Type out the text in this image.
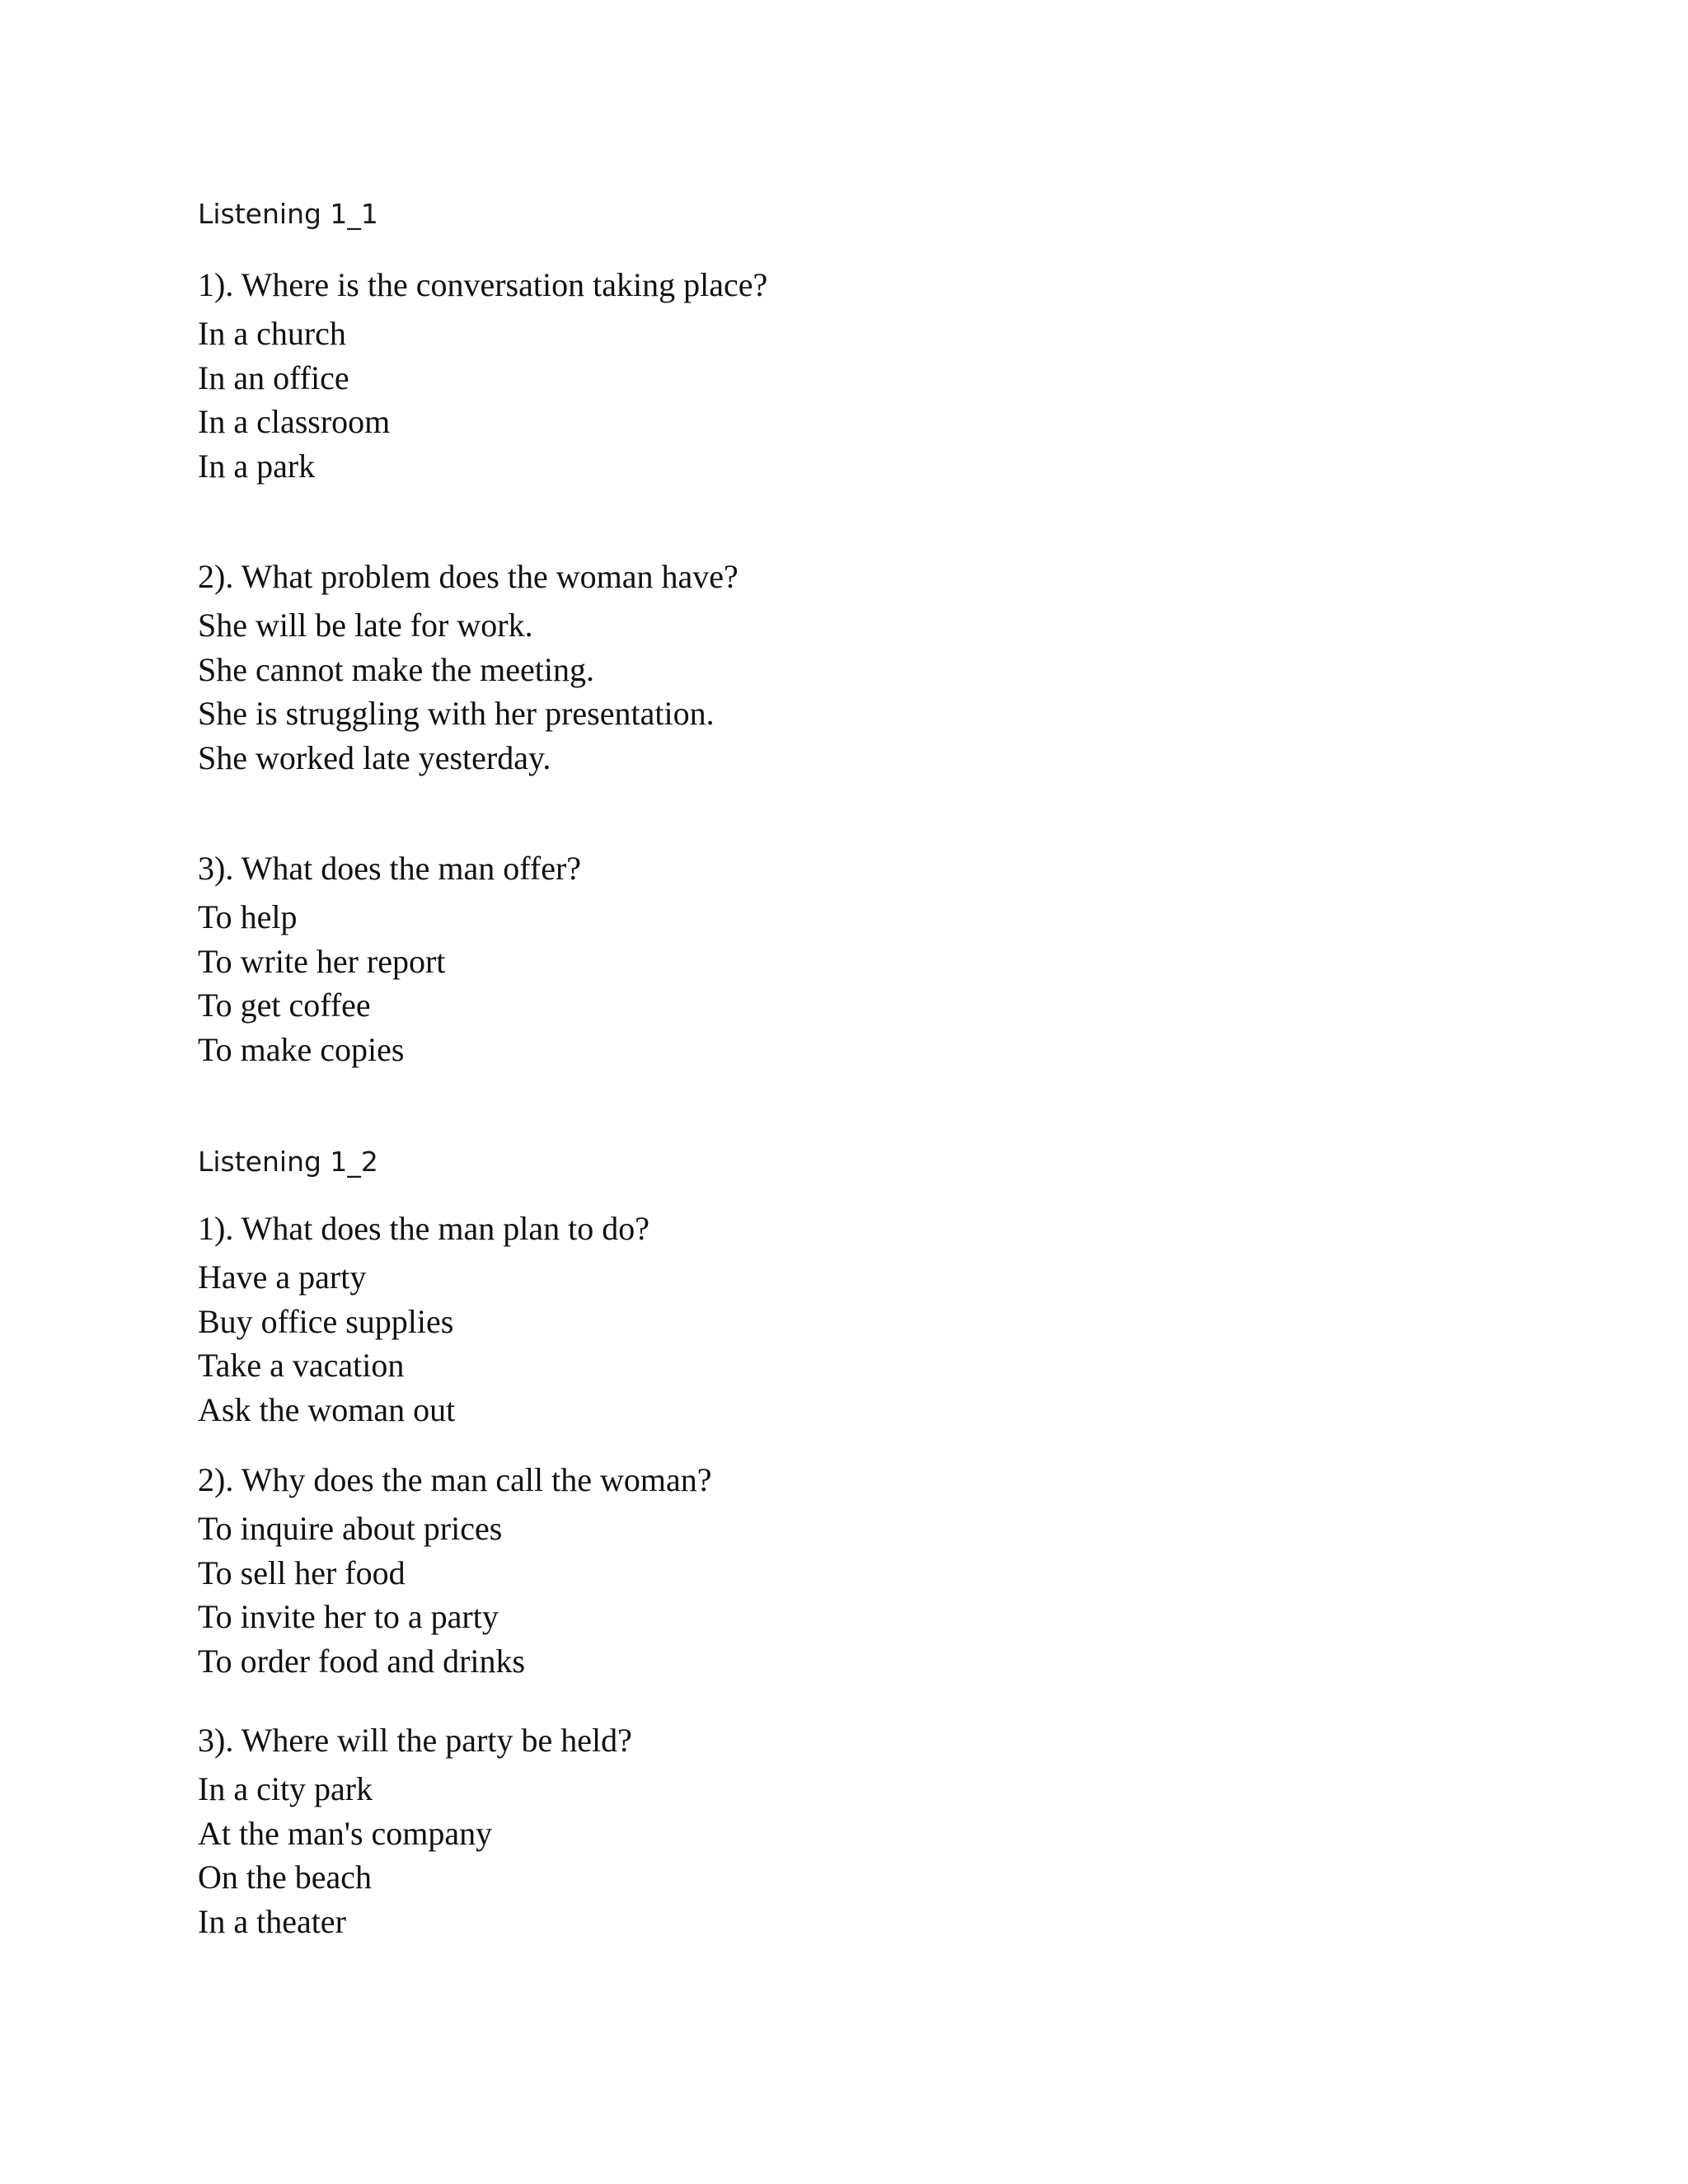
Listening 1_1
1). Where is the conversation taking place?
In a church
In an office
In a classroom
In a park
2). What problem does the woman have?
She will be late for work.
She cannot make the meeting.
She is struggling with her presentation.
She worked late yesterday.
3). What does the man offer?
To help
To write her report
To get coffee
To make copies
Listening 1_2
1). What does the man plan to do?
Have a party
Buy office supplies
Take a vacation
Ask the woman out
2). Why does the man call the woman?
To inquire about prices
To sell her food
To invite her to a party
To order food and drinks
3). Where will the party be held?
In a city park
At the man's company
On the beach
In a theater
